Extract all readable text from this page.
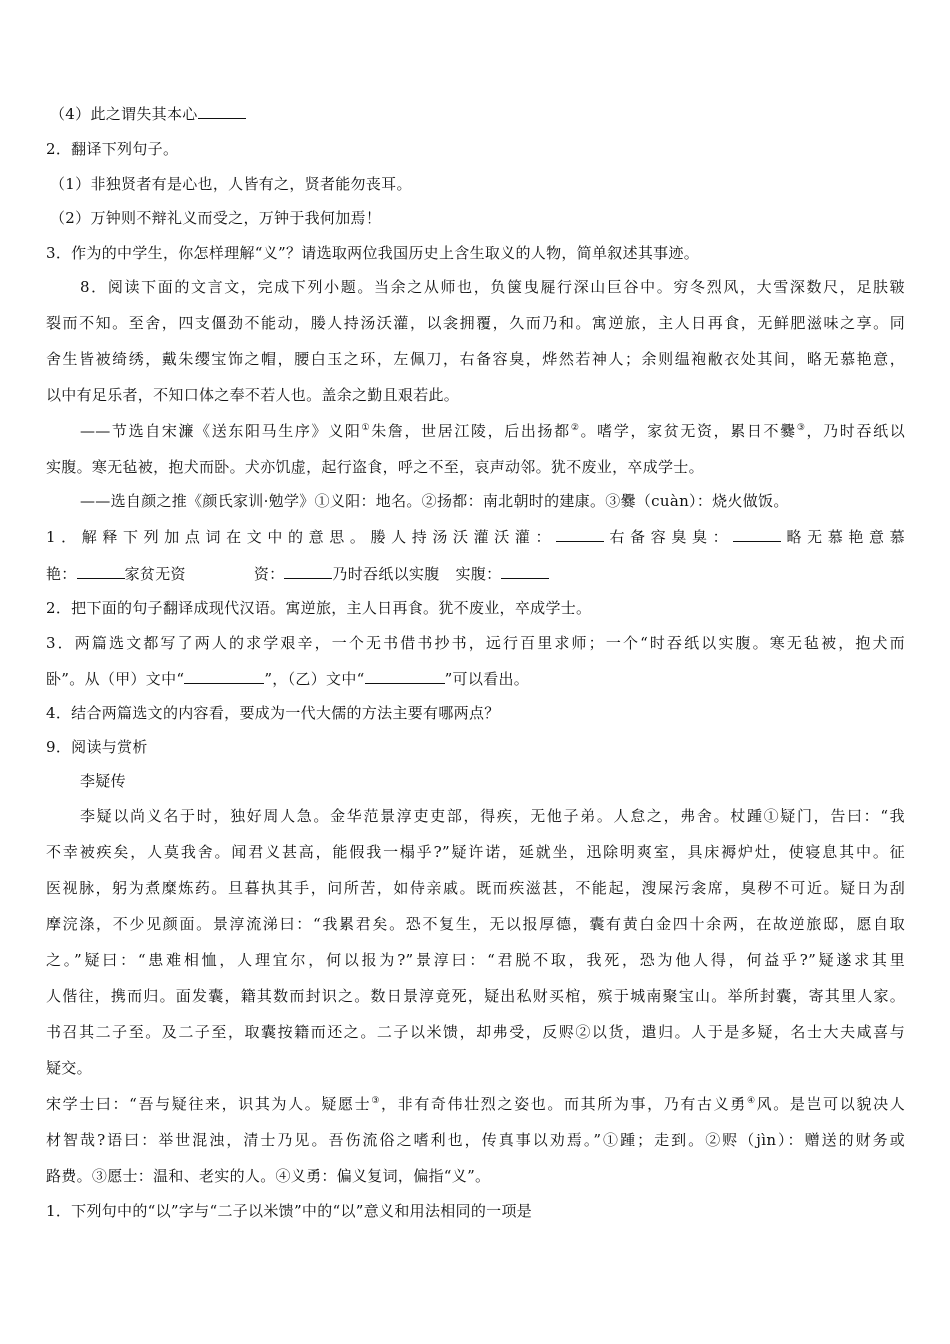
（4）此之谓失其本心
2．翻译下列句子。
（1）非独贤者有是心也，人皆有之，贤者能勿丧耳。
（2）万钟则不辩礼义而受之，万钟于我何加焉！
3．作为的中学生，你怎样理解“义”？请选取两位我国历史上含生取义的人物，简单叙述其事迹。
8．阅读下面的文言文，完成下列小题。当余之从师也，负箧曳屣行深山巨谷中。穷冬烈风，大雪深数尺，足肤皲
裂而不知。至舍，四支僵劲不能动，媵人持汤沃灌，以衾拥覆，久而乃和。寓逆旅，主人日再食，无鲜肥滋味之享。同
舍生皆被绮绣，戴朱缨宝饰之帽，腰白玉之环，左佩刀，右备容臭，烨然若神人；余则缊袍敝衣处其间，略无慕艳意，
以中有足乐者，不知口体之奉不若人也。盖余之勤且艰若此。
——节选自宋濂《送东阳马生序》义阳①朱詹，世居江陵，后出扬都②。嗜学，家贫无资，累日不爨③，乃时吞纸以
实腹。寒无毡被，抱犬而卧。犬亦饥虚，起行盗食，呼之不至，哀声动邻。犹不废业，卒成学士。
——选自颜之推《颜氏家训·勉学》①义阳：地名。②扬都：南北朝时的建康。③爨（cuàn）：烧火做饭。
1．解释下列加点词在文中的意思。媵人持汤沃灌沃灌：	右备容臭臭：	略无慕艳意慕
艳：	家贫无资	资：	乃时吞纸以实腹 实腹：
2．把下面的句子翻译成现代汉语。寓逆旅，主人日再食。犹不废业，卒成学士。
3．两篇选文都写了两人的求学艰辛，一个无书借书抄书，远行百里求师；一个“时吞纸以实腹。寒无毡被，抱犬而
卧”。从（甲）文中“	”，（乙）文中“	”可以看出。
4．结合两篇选文的内容看，要成为一代大儒的方法主要有哪两点？
9．阅读与赏析
李疑传
李疑以尚义名于时，独好周人急。金华范景淳吏吏部，得疾，无他子弟。人怠之，弗舍。杖踵①疑门，告曰：“我
不幸被疾矣，人莫我舍。闻君义甚高，能假我一榻乎?”疑许诺，延就坐，迅除明爽室，具床褥炉灶，使寝息其中。征
医视脉，躬为煮糜炼药。旦暮执其手，问所苦，如侍亲戚。既而疾滋甚，不能起，溲屎污衾席，臭秽不可近。疑日为刮
摩浣涤，不少见颜面。景淳流涕曰：“我累君矣。恐不复生，无以报厚德，囊有黄白金四十余两，在故逆旅邸，愿自取
之。”疑曰：“患难相恤，人理宜尔，何以报为?”景淳曰：“君脱不取，我死，恐为他人得，何益乎?”疑遂求其里
人偕往，携而归。面发囊，籍其数而封识之。数日景淳竟死，疑出私财买棺，殡于城南聚宝山。举所封囊，寄其里人家。
书召其二子至。及二子至，取囊按籍而还之。二子以米馈，却弗受，反赆②以货，遣归。人于是多疑，名士大夫咸喜与
疑交。
宋学士曰：“吾与疑往来，识其为人。疑愿士③，非有奇伟壮烈之姿也。而其所为事，乃有古义勇④风。是岂可以貌决人
材智哉?语曰：举世混浊，清士乃见。吾伤流俗之嗜利也，传真事以劝焉。”①踵；走到。②赆（jìn）：赠送的财务或
路费。③愿士：温和、老实的人。④义勇：偏义复词，偏指“义”。
1．下列句中的“以”字与“二子以米馈”中的“以”意义和用法相同的一项是
